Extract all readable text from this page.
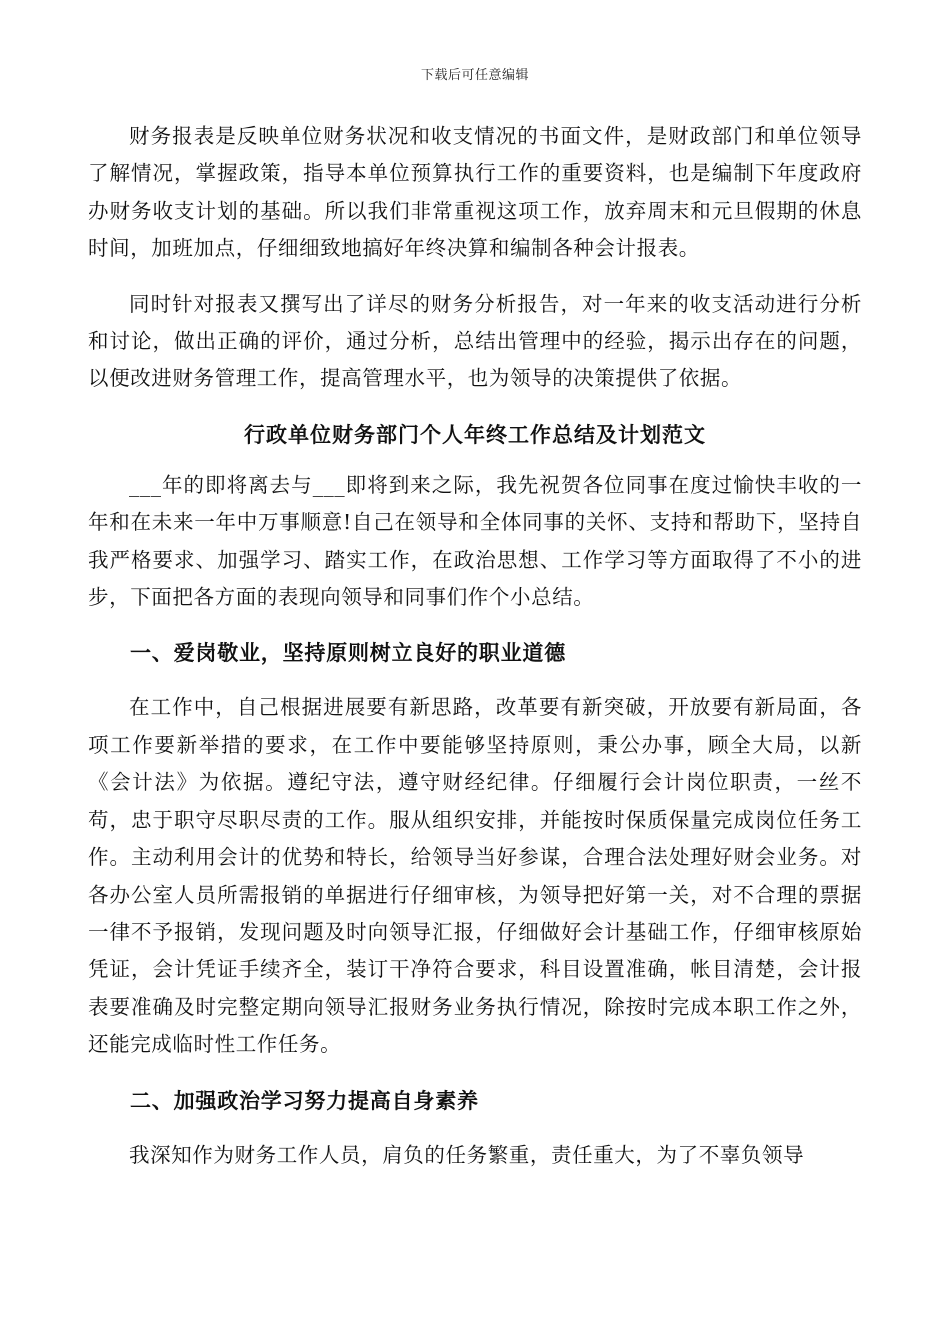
下载后可任意编辑

财务报表是反映单位财务状况和收支情况的书面文件，是财政部门和单位领导了解情况，掌握政策，指导本单位预算执行工作的重要资料，也是编制下年度政府办财务收支计划的基础。所以我们非常重视这项工作，放弃周末和元旦假期的休息时间，加班加点，仔细细致地搞好年终决算和编制各种会计报表。

同时针对报表又撰写出了详尽的财务分析报告，对一年来的收支活动进行分析和讨论，做出正确的评价，通过分析，总结出管理中的经验，揭示出存在的问题，以便改进财务管理工作，提高管理水平，也为领导的决策提供了依据。

行政单位财务部门个人年终工作总结及计划范文

___年的即将离去与___即将到来之际，我先祝贺各位同事在度过愉快丰收的一年和在未来一年中万事顺意!自己在领导和全体同事的关怀、支持和帮助下，坚持自我严格要求、加强学习、踏实工作，在政治思想、工作学习等方面取得了不小的进步，下面把各方面的表现向领导和同事们作个小总结。

一、爱岗敬业，坚持原则树立良好的职业道德

在工作中，自己根据进展要有新思路，改革要有新突破，开放要有新局面，各项工作要新举措的要求，在工作中要能够坚持原则，秉公办事，顾全大局，以新《会计法》为依据。遵纪守法，遵守财经纪律。仔细履行会计岗位职责，一丝不苟，忠于职守尽职尽责的工作。服从组织安排，并能按时保质保量完成岗位任务工作。主动利用会计的优势和特长，给领导当好参谋，合理合法处理好财会业务。对各办公室人员所需报销的单据进行仔细审核，为领导把好第一关，对不合理的票据一律不予报销，发现问题及时向领导汇报，仔细做好会计基础工作，仔细审核原始凭证，会计凭证手续齐全，装订干净符合要求，科目设置准确，帐目清楚，会计报表要准确及时完整定期向领导汇报财务业务执行情况，除按时完成本职工作之外，还能完成临时性工作任务。

二、加强政治学习努力提高自身素养

我深知作为财务工作人员，肩负的任务繁重，责任重大，为了不辜负领导
